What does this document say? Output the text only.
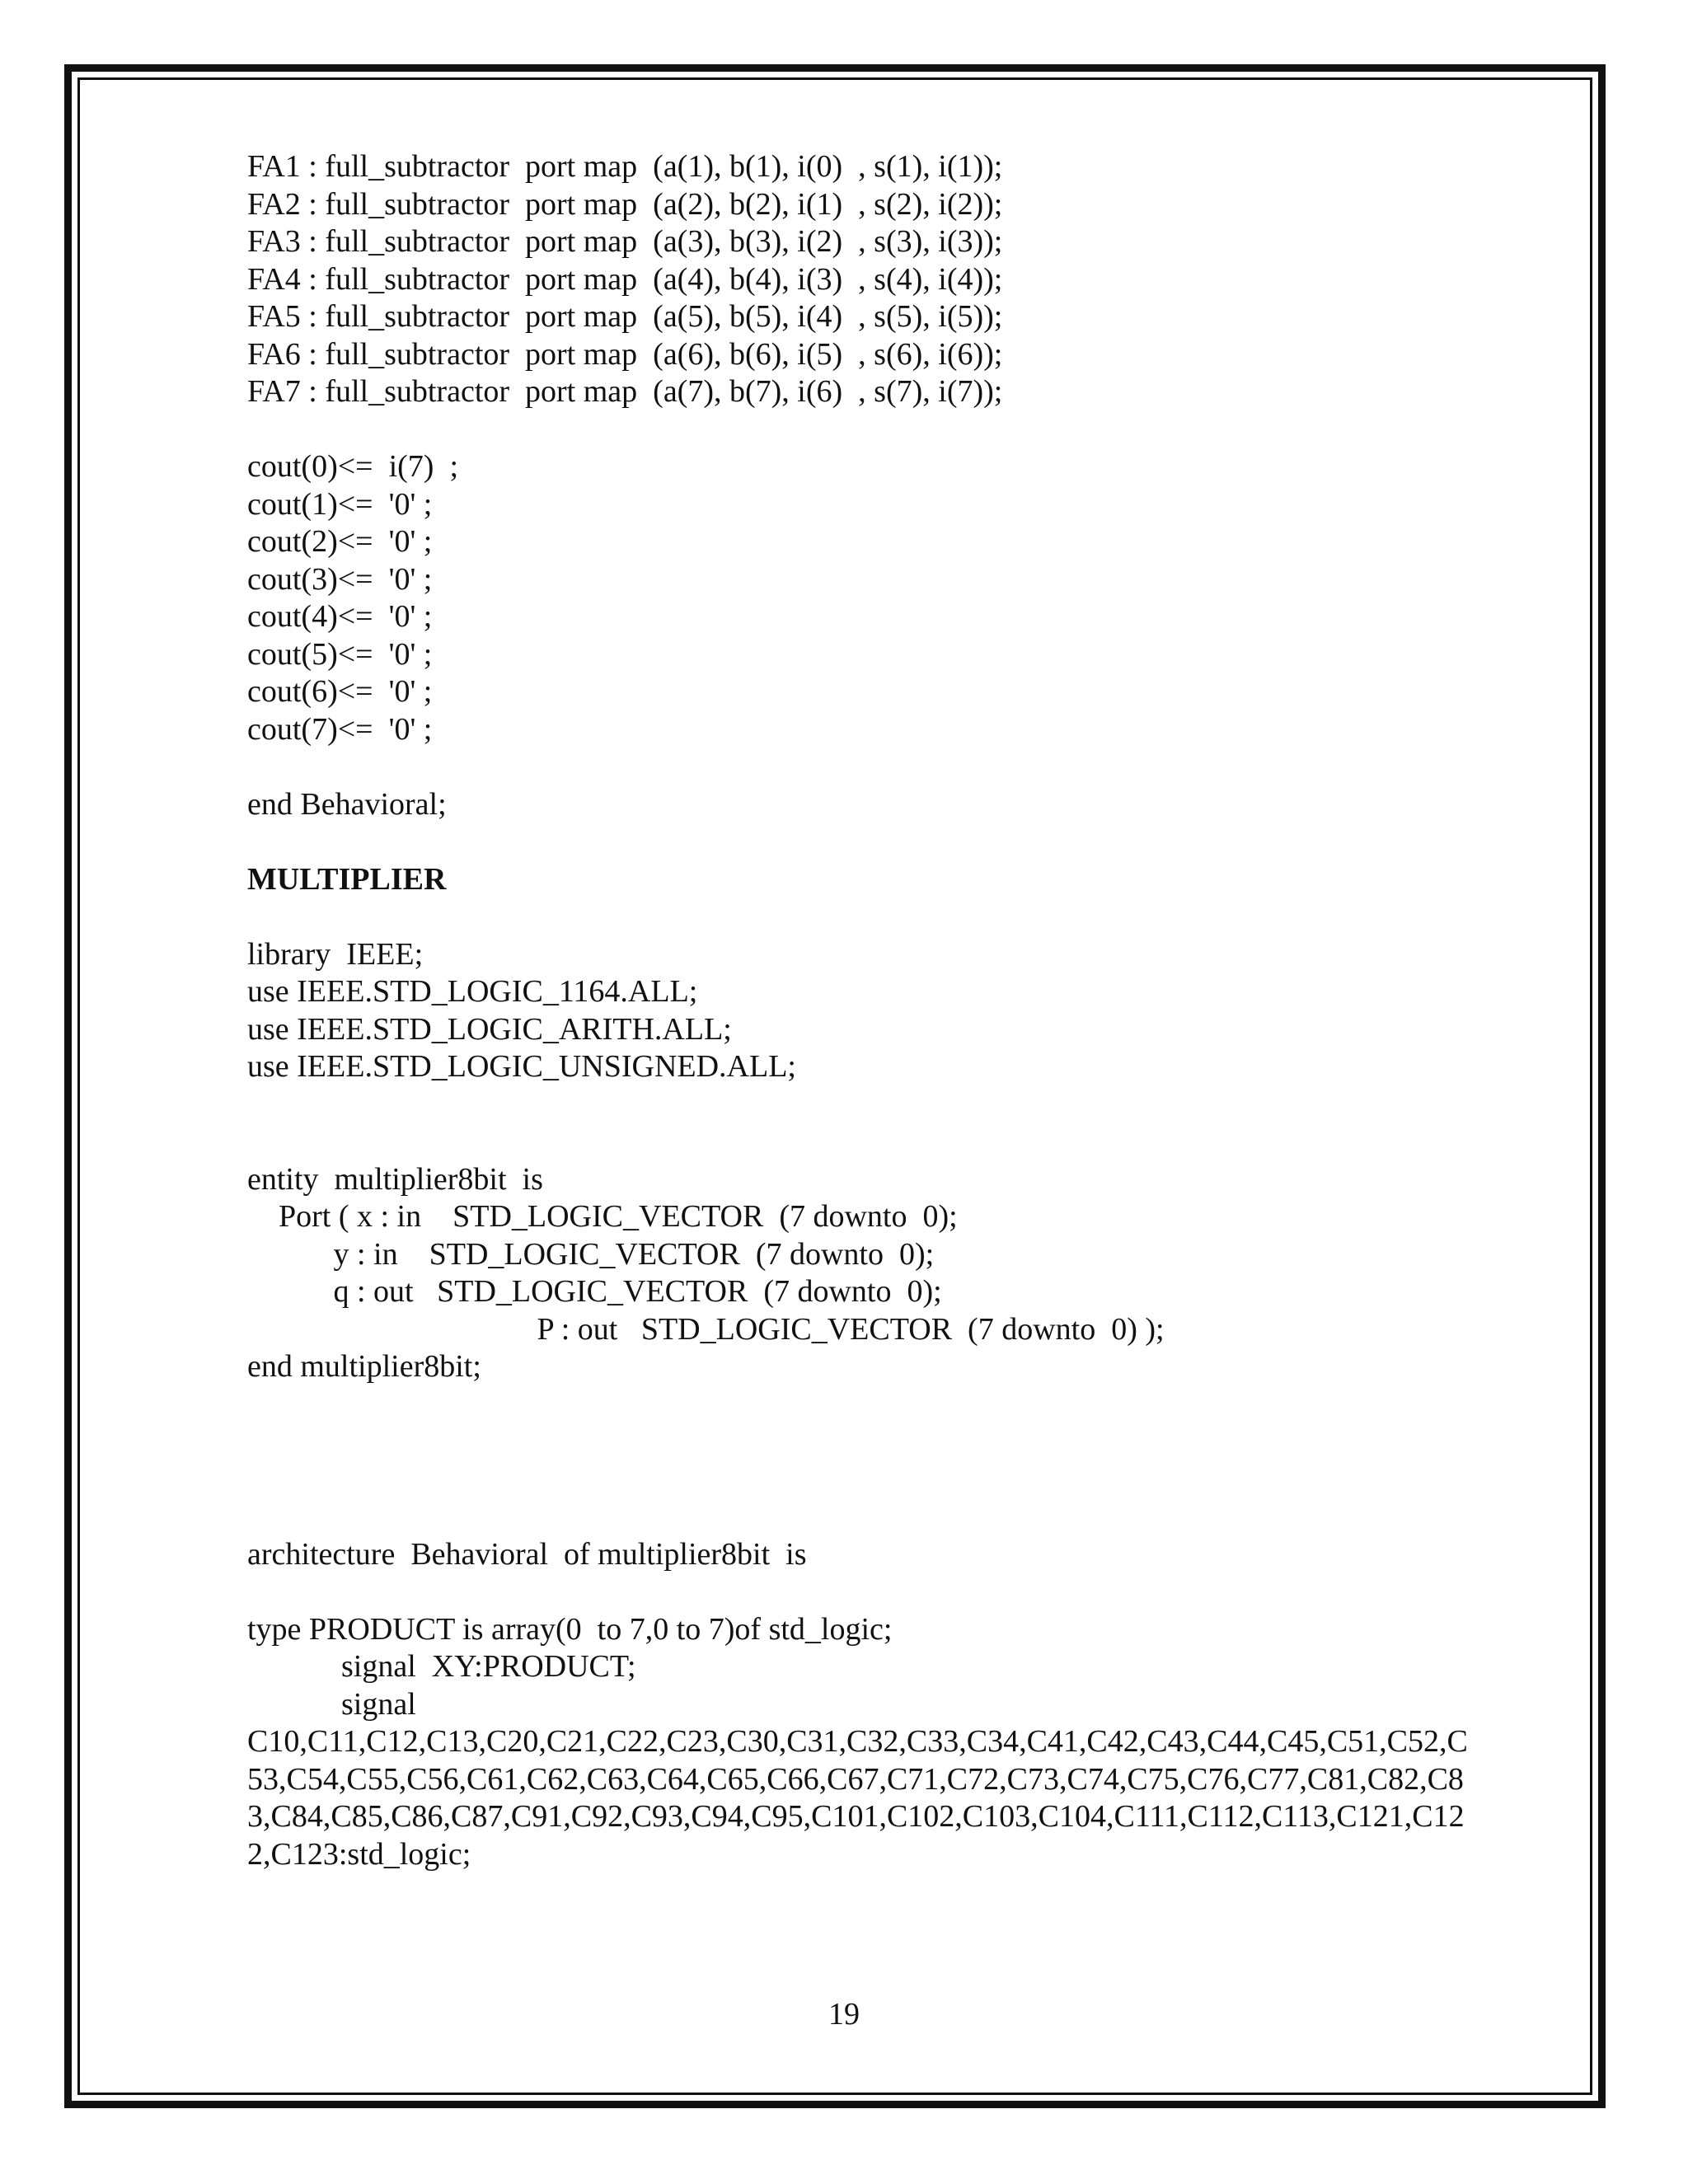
FA1 : full_subtractor  port map  (a(1), b(1), i(0)  , s(1), i(1));
FA2 : full_subtractor  port map  (a(2), b(2), i(1)  , s(2), i(2));
FA3 : full_subtractor  port map  (a(3), b(3), i(2)  , s(3), i(3));
FA4 : full_subtractor  port map  (a(4), b(4), i(3)  , s(4), i(4));
FA5 : full_subtractor  port map  (a(5), b(5), i(4)  , s(5), i(5));
FA6 : full_subtractor  port map  (a(6), b(6), i(5)  , s(6), i(6));
FA7 : full_subtractor  port map  (a(7), b(7), i(6)  , s(7), i(7));
cout(0)<=  i(7)  ;
cout(1)<=  '0' ;
cout(2)<=  '0' ;
cout(3)<=  '0' ;
cout(4)<=  '0' ;
cout(5)<=  '0' ;
cout(6)<=  '0' ;
cout(7)<=  '0' ;
end Behavioral;
MULTIPLIER
library  IEEE;
use IEEE.STD_LOGIC_1164.ALL;
use IEEE.STD_LOGIC_ARITH.ALL;
use IEEE.STD_LOGIC_UNSIGNED.ALL;
entity  multiplier8bit  is
Port ( x : in    STD_LOGIC_VECTOR  (7 downto  0);
y : in    STD_LOGIC_VECTOR  (7 downto  0);
q : out   STD_LOGIC_VECTOR  (7 downto  0);
P : out   STD_LOGIC_VECTOR  (7 downto  0) );
end multiplier8bit;
architecture  Behavioral  of multiplier8bit  is
type PRODUCT is array(0  to 7,0 to 7)of std_logic;
signal  XY:PRODUCT;
signal
C10,C11,C12,C13,C20,C21,C22,C23,C30,C31,C32,C33,C34,C41,C42,C43,C44,C45,C51,C52,C53,C54,C55,C56,C61,C62,C63,C64,C65,C66,C67,C71,C72,C73,C74,C75,C76,C77,C81,C82,C83,C84,C85,C86,C87,C91,C92,C93,C94,C95,C101,C102,C103,C104,C111,C112,C113,C121,C122,C123:std_logic;
19
